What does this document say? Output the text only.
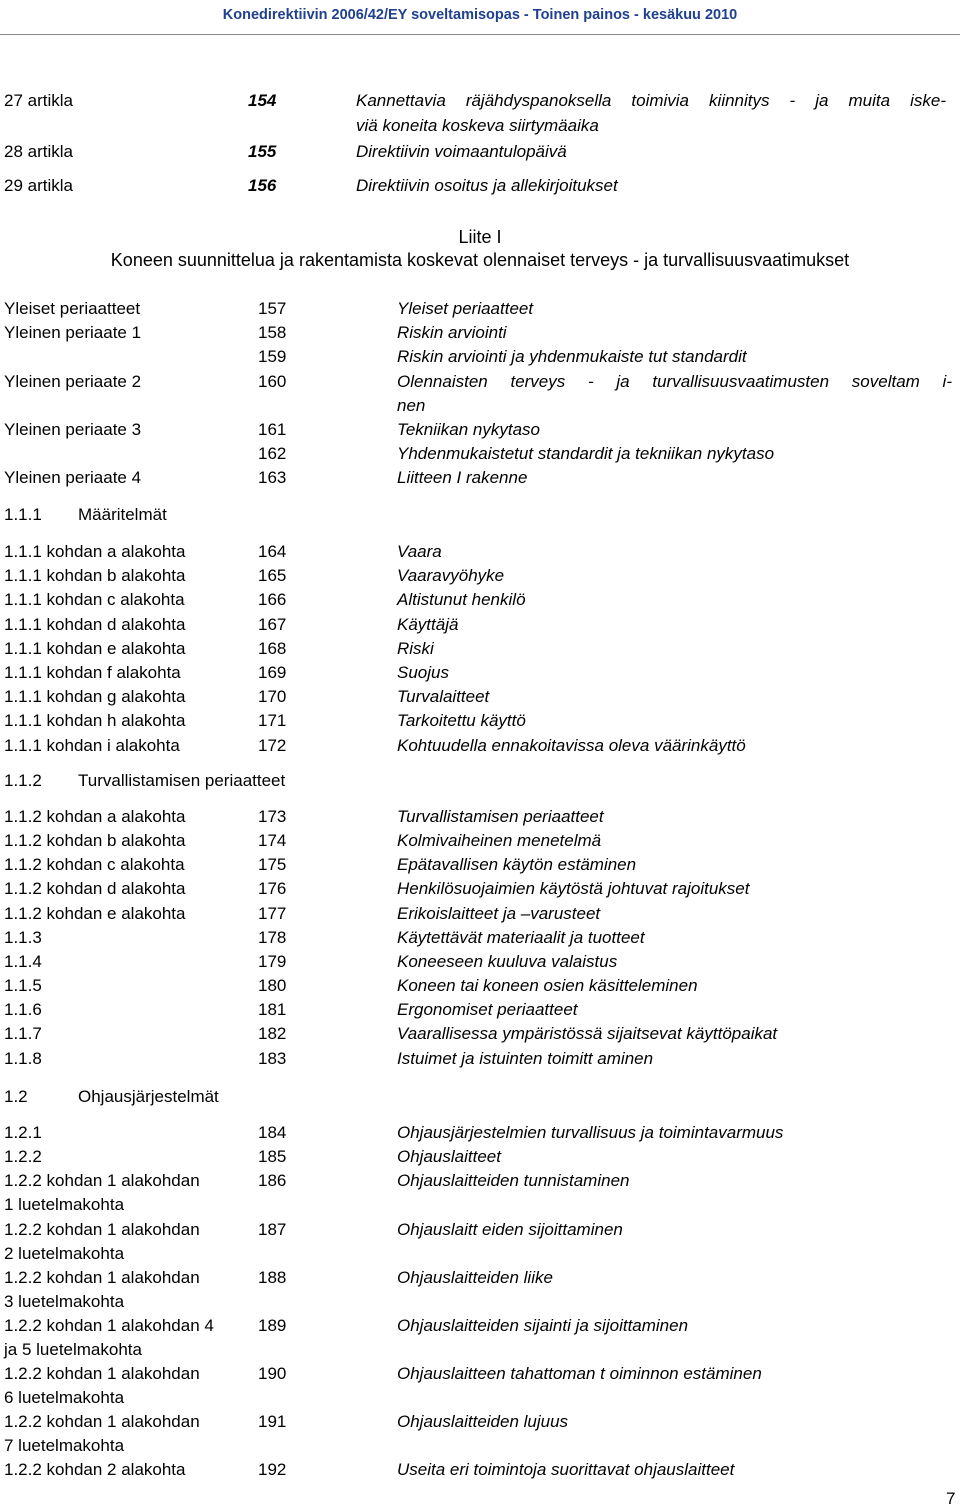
Konedirektiivin 2006/42/EY soveltamisopas - Toinen painos - kesäkuu 2010
27 artikla	154	Kannettavia räjähdyspanoksella toimivia kiinnitys - ja muita iske-
viä koneita koskeva siirtymäaika
28 artikla	155	Direktiivin voimaantulopäivä
29 artikla	156	Direktiivin osoitus ja allekirjoitukset
Liite I
Koneen suunnittelua ja rakentamista koskevat olennaiset terveys - ja turvallisuusvaatimukset
Yleiset periaatteet	157	Yleiset periaatteet
Yleinen periaate 1	158	Riskin arviointi
159	Riskin arviointi ja yhdenmukaiste tut standardit
Yleinen periaate 2	160	Olennaisten terveys - ja turvallisuusvaatimusten soveltam i-
nen
Yleinen periaate 3	161	Tekniikan nykytaso
162	Yhdenmukaistetut standardit ja tekniikan nykytaso
Yleinen periaate 4	163	Liitteen I rakenne
1.1.1 Määritelmät
1.1.1 kohdan a alakohta	164	Vaara
1.1.1 kohdan b alakohta	165	Vaaravyöhyke
1.1.1 kohdan c alakohta	166	Altistunut henkilö
1.1.1 kohdan d alakohta	167	Käyttäjä
1.1.1 kohdan e alakohta	168	Riski
1.1.1 kohdan f alakohta	169	Suojus
1.1.1 kohdan g alakohta	170	Turvalaitteet
1.1.1 kohdan h alakohta	171	Tarkoitettu käyttö
1.1.1 kohdan i alakohta	172	Kohtuudella ennakoitavissa oleva väärinkäyttö
1.1.2 Turvallistamisen periaatteet
1.1.2 kohdan a alakohta	173	Turvallistamisen periaatteet
1.1.2 kohdan b alakohta	174	Kolmivaiheinen menetelmä
1.1.2 kohdan c alakohta	175	Epätavallisen käytön estäminen
1.1.2 kohdan d alakohta	176	Henkilösuojaimien käytöstä johtuvat rajoitukset
1.1.2 kohdan e alakohta	177	Erikoislaitteet ja –varusteet
1.1.3	178	Käytettävät materiaalit ja tuotteet
1.1.4	179	Koneeseen kuuluva valaistus
1.1.5	180	Koneen tai koneen osien käsitteleminen
1.1.6	181	Ergonomiset periaatteet
1.1.7	182	Vaarallisessa ympäristössä sijaitsevat käyttöpaikat
1.1.8	183	Istuimet ja istuinten toimitt aminen
1.2	Ohjausjärjestelmät
1.2.1	184	Ohjausjärjestelmien turvallisuus ja toimintavarmuus
1.2.2	185	Ohjauslaitteet
1.2.2 kohdan 1 alakohdan	186	Ohjauslaitteiden tunnistaminen
1 luetelmakohta
1.2.2 kohdan 1 alakohdan	187	Ohjauslaitt eiden sijoittaminen
2 luetelmakohta
1.2.2 kohdan 1 alakohdan	188	Ohjauslaitteiden liike
3 luetelmakohta
1.2.2 kohdan 1 alakohdan 4	189	Ohjauslaitteiden sijainti ja sijoittaminen
ja 5 luetelmakohta
1.2.2 kohdan 1 alakohdan	190	Ohjauslaitteen tahattoman t oiminnon estäminen
6 luetelmakohta
1.2.2 kohdan 1 alakohdan	191	Ohjauslaitteiden lujuus
7 luetelmakohta
1.2.2 kohdan 2 alakohta	192	Useita eri toimintoja suorittavat ohjauslaitteet
7
